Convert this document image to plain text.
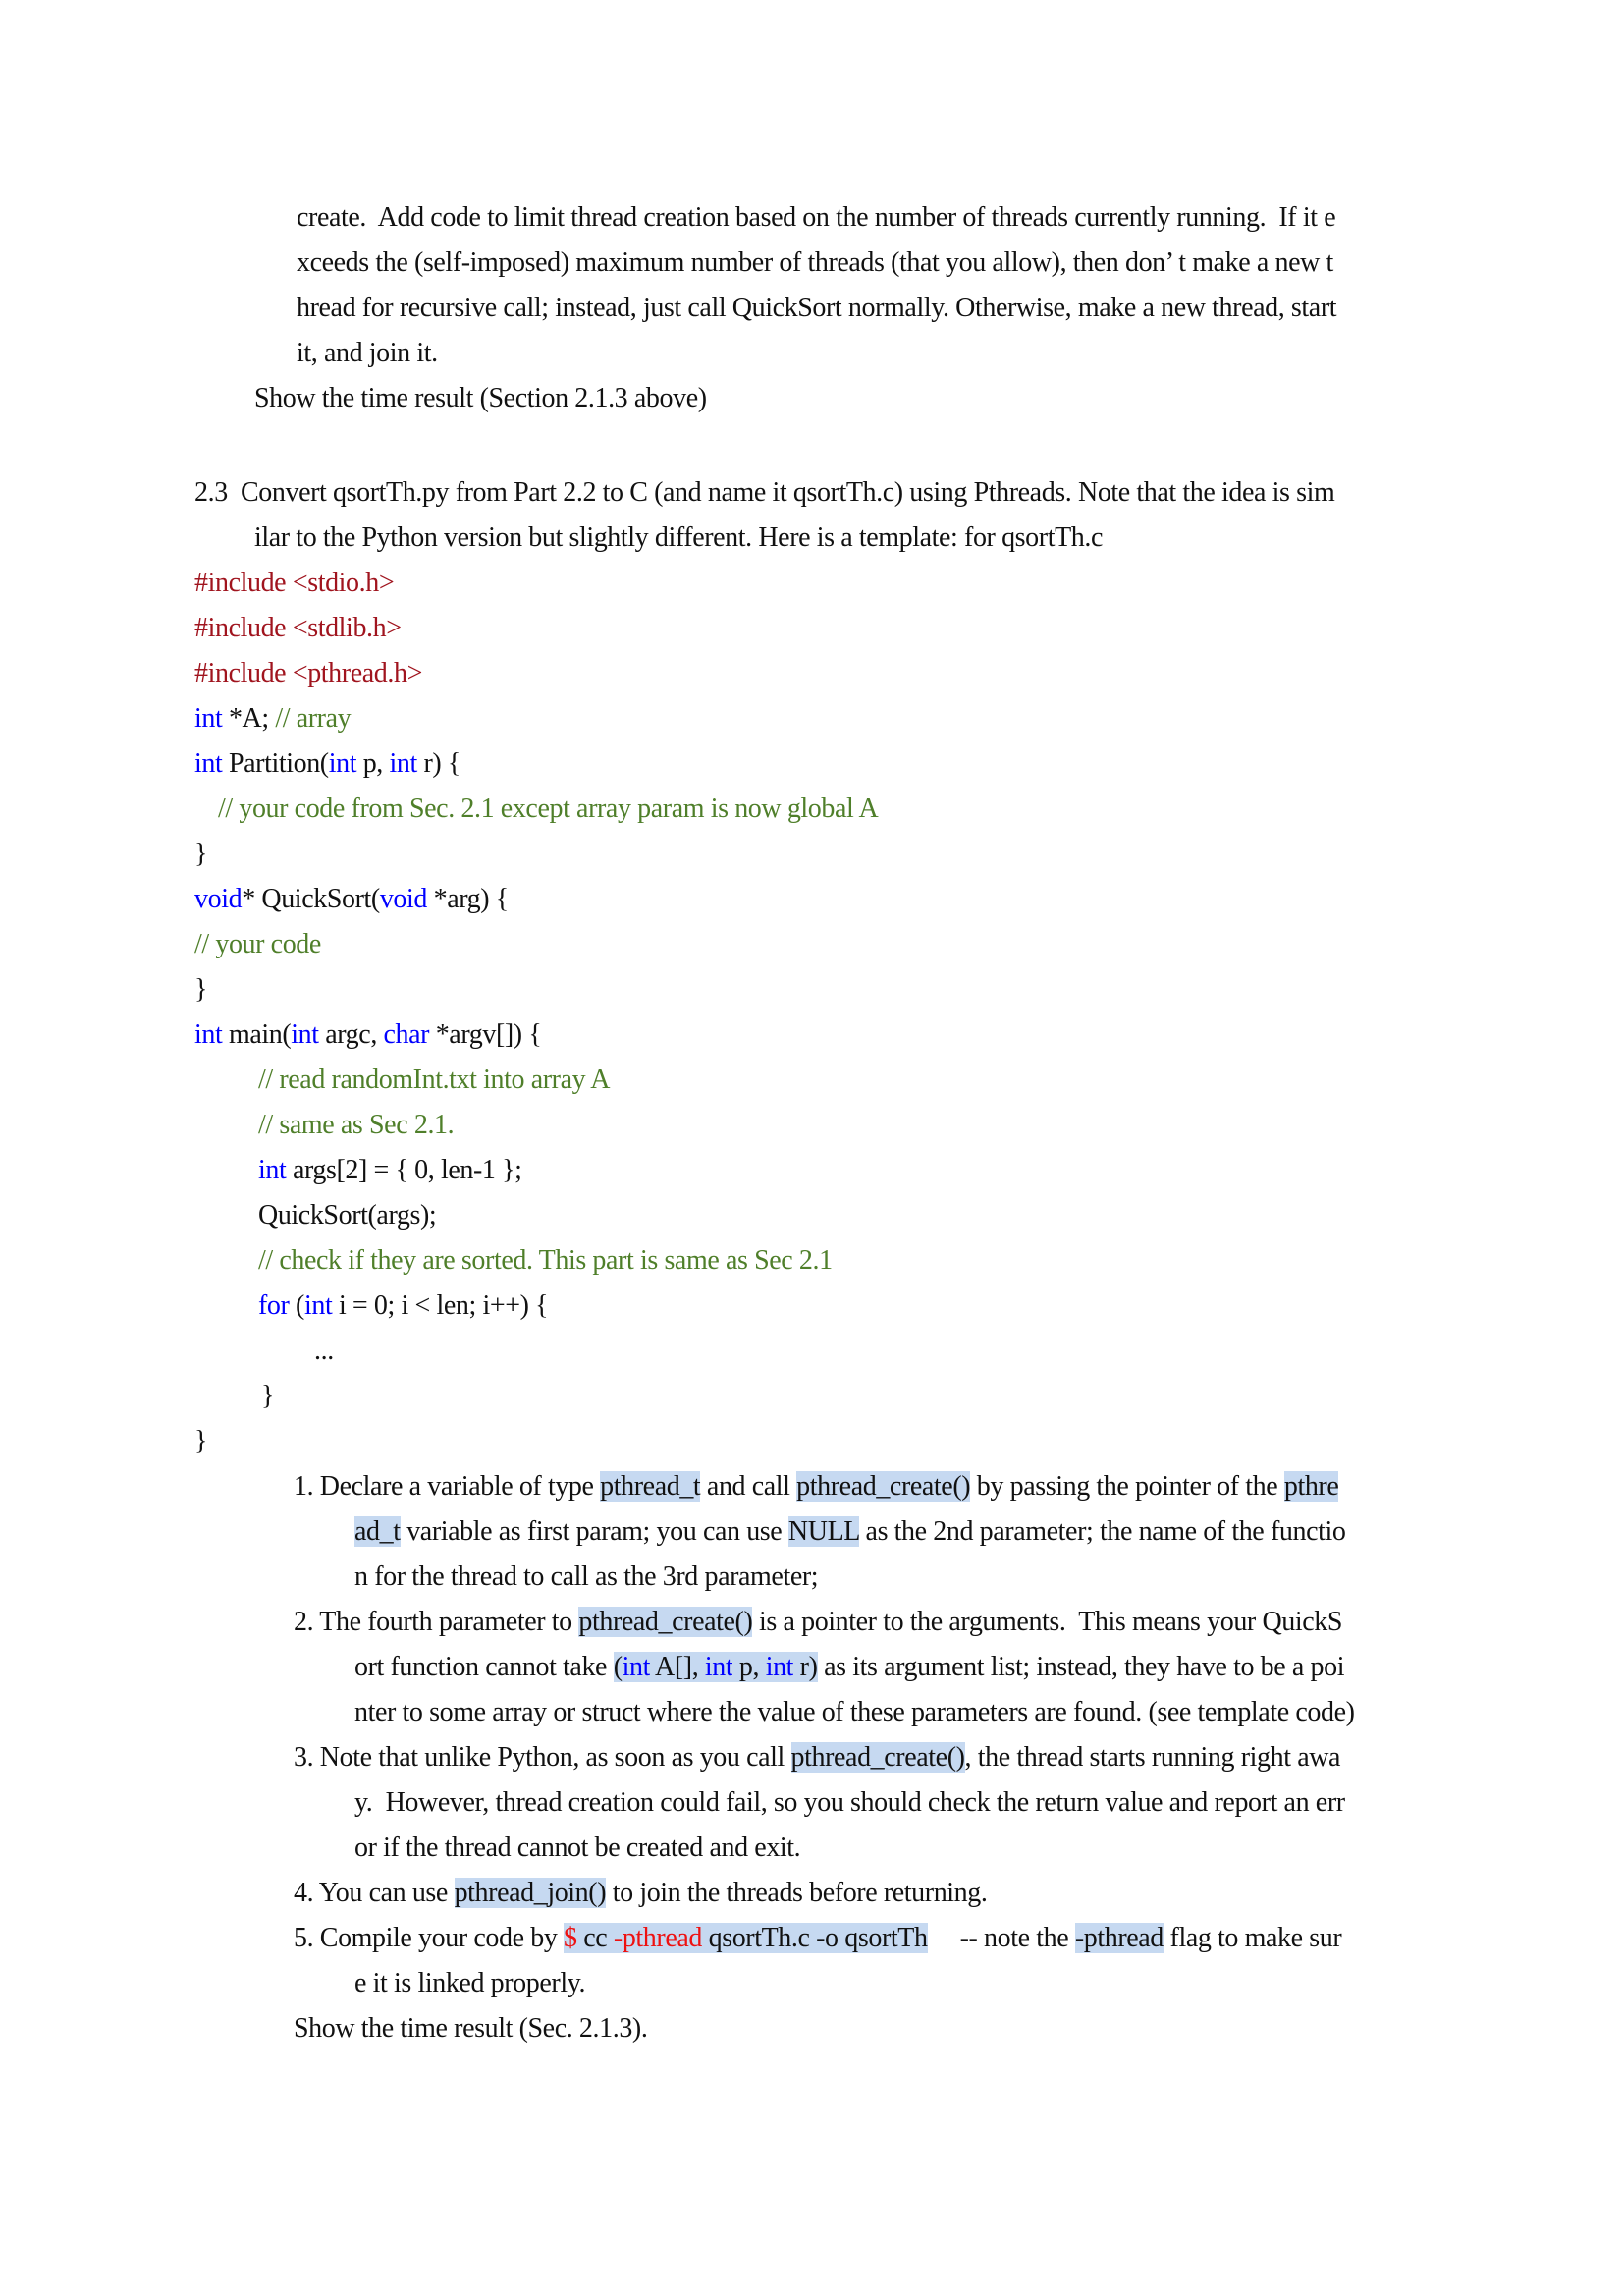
create.  Add code to limit thread creation based on the number of threads currently running.  If it e
xceeds the (self-imposed) maximum number of threads (that you allow), then don’ t make a new t
hread for recursive call; instead, just call QuickSort normally. Otherwise, make a new thread, start
it, and join it.
Show the time result (Section 2.1.3 above)
2.3  Convert qsortTh.py from Part 2.2 to C (and name it qsortTh.c) using Pthreads. Note that the idea is sim
ilar to the Python version but slightly different. Here is a template: for qsortTh.c
#include <stdio.h>
#include <stdlib.h>
#include <pthread.h>
int *A; // array
int Partition(int p, int r) {
// your code from Sec. 2.1 except array param is now global A
}
void* QuickSort(void *arg) {
// your code
}
int main(int argc, char *argv[]) {
// read randomInt.txt into array A
// same as Sec 2.1.
int args[2] = { 0, len-1 };
QuickSort(args);
// check if they are sorted. This part is same as Sec 2.1
for (int i = 0; i < len; i++) {
...
}
}
1. Declare a variable of type pthread_t and call pthread_create() by passing the pointer of the pthre
ad_t variable as first param; you can use NULL as the 2nd parameter; the name of the functio
n for the thread to call as the 3rd parameter;
2. The fourth parameter to pthread_create() is a pointer to the arguments.  This means your QuickS
ort function cannot take (int A[], int p, int r) as its argument list; instead, they have to be a poi
nter to some array or struct where the value of these parameters are found. (see template code)
3. Note that unlike Python, as soon as you call pthread_create(), the thread starts running right awa
y.  However, thread creation could fail, so you should check the return value and report an err
or if the thread cannot be created and exit.
4. You can use pthread_join() to join the threads before returning.
5. Compile your code by $ cc -pthread qsortTh.c -o qsortTh     -- note the -pthread flag to make sur
e it is linked properly.
Show the time result (Sec. 2.1.3).
